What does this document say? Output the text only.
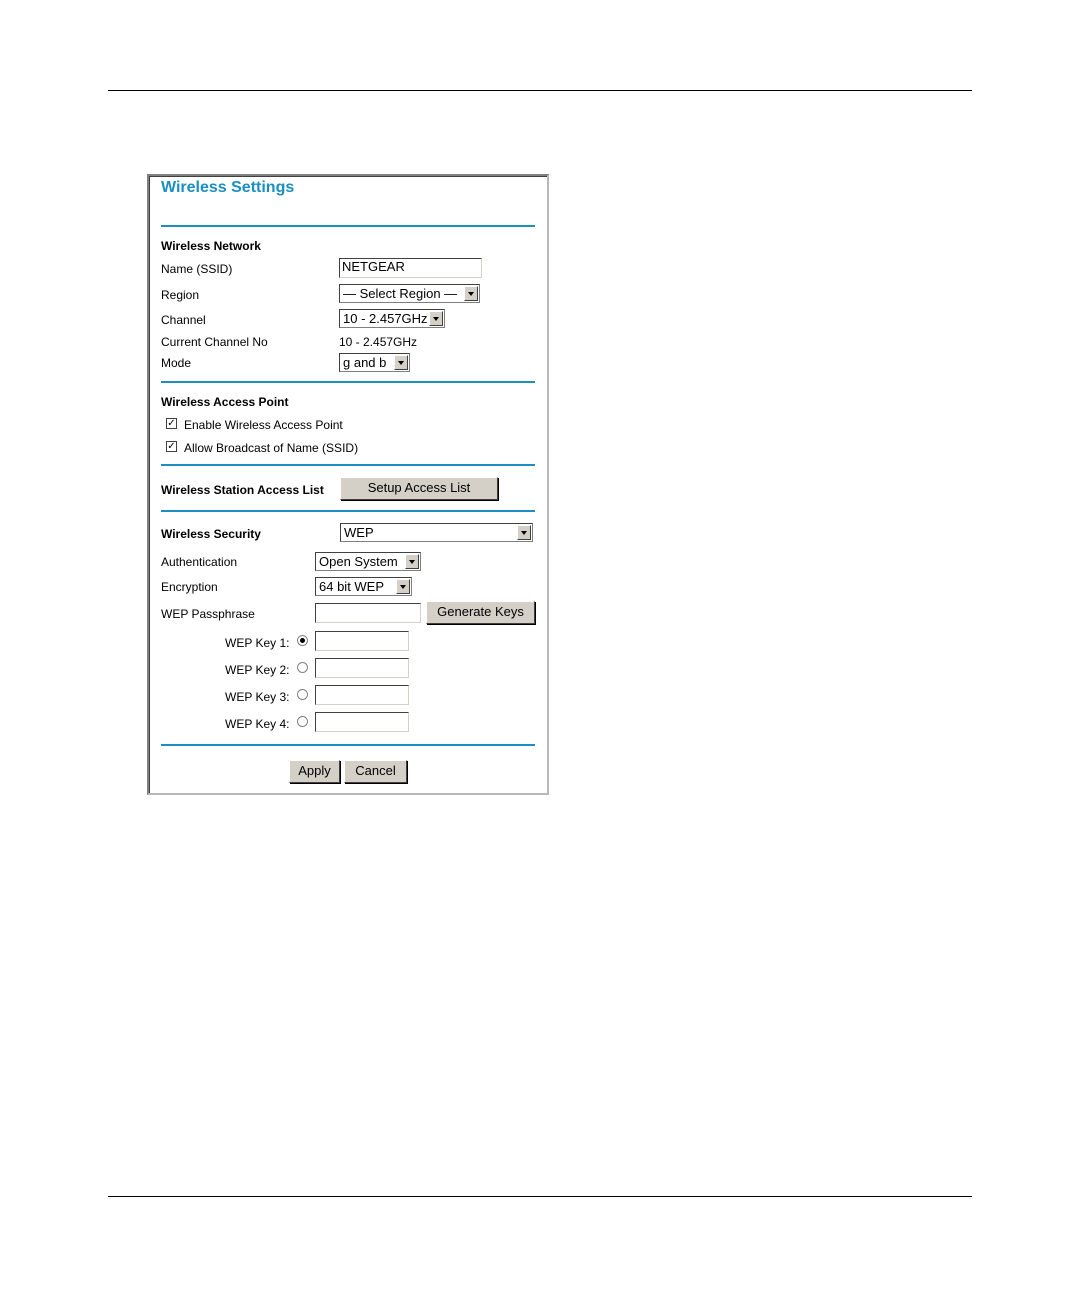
Wireless Settings
Wireless Network
Name (SSID)	NETGEAR
Region	— Select Region —
Channel	10 - 2.457GHz
Current Channel No	10 - 2.457GHz
Mode	g and b
Wireless Access Point
✓ Enable Wireless Access Point
✓ Allow Broadcast of Name (SSID)
Wireless Station Access List	Setup Access List
Wireless Security	WEP
Authentication	Open System
Encryption	64 bit WEP
WEP Passphrase	Generate Keys
WEP Key 1:
WEP Key 2:
WEP Key 3:
WEP Key 4:
Apply	Cancel
